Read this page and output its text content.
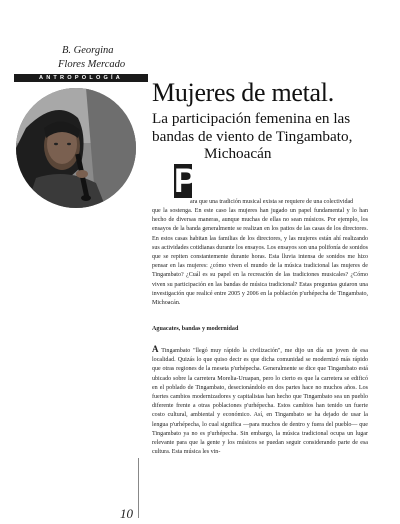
B. Georgina
Flores Mercado
ANTROPOLOGÍA	Mujeres de metal.
La participación femenina en las
bandas de viento de Tingambato,
Michoacán
P
ara que una tradición musical exista se requiere de una colectividad
que la sostenga. En este caso las mujeres han jugado un papel fundamental y lo han hecho de diversas maneras, aunque muchas de ellas no sean músicos. Por ejemplo, los ensayos de la banda generalmente se realizan en los patios de las casas de los directores. En estos casas habitan las familias de los directores, y las mujeres están ahí realizando sus actividades cotidianas durante los ensayos. Los ensayos son una polifonía de sonidos que se repiten constantemente durante horas. Esta lluvia intensa de sonidos me hizo pensar en las mujeres: ¿cómo viven el mundo de la música tradicional las mujeres de Tingambato? ¿Cuál es su papel en la recreación de las tradiciones musicales? ¿Cómo viven su participación en las bandas de música tradicional? Estas preguntas guiaron una investigación que realicé entre 2005 y 2006 en la población p'urhépecha de Tingambato, Michoacán.
Aguacates, bandas y modernidad
A Tingambato "llegó muy rápido la civilización", me dijo un día un joven de esa localidad. Quizás lo que quiso decir es que dicha comunidad se modernizó más rápido que otras regiones de la meseta p'urhépecha. Generalmente se dice que Tingambato está ubicado sobre la carretera Morelia-Uruapan, pero lo cierto es que la carretera se edificó en el poblado de Tingambato, desecionándolo en dos partes hace no muchos años. Los fuertes cambios modernizadores y capitalistas han hecho que Tingambato sea un pueblo diferente frente a otras poblaciones p'urhépecha. Estos cambios han tenido un fuerte costo cultural, ambiental y económico. Así, en Tingambato se ha dejado de usar la lengua p'urhépecha, lo cual significa —para muchos de dentro y fuera del pueblo— que Tingambato ya no es p'urhépecha. Sin embargo, la música tradicional ocupa un lugar relevante para que la gente y los músicos se puedan seguir considerando parte de esa cultura. Esta música les vin-
10
